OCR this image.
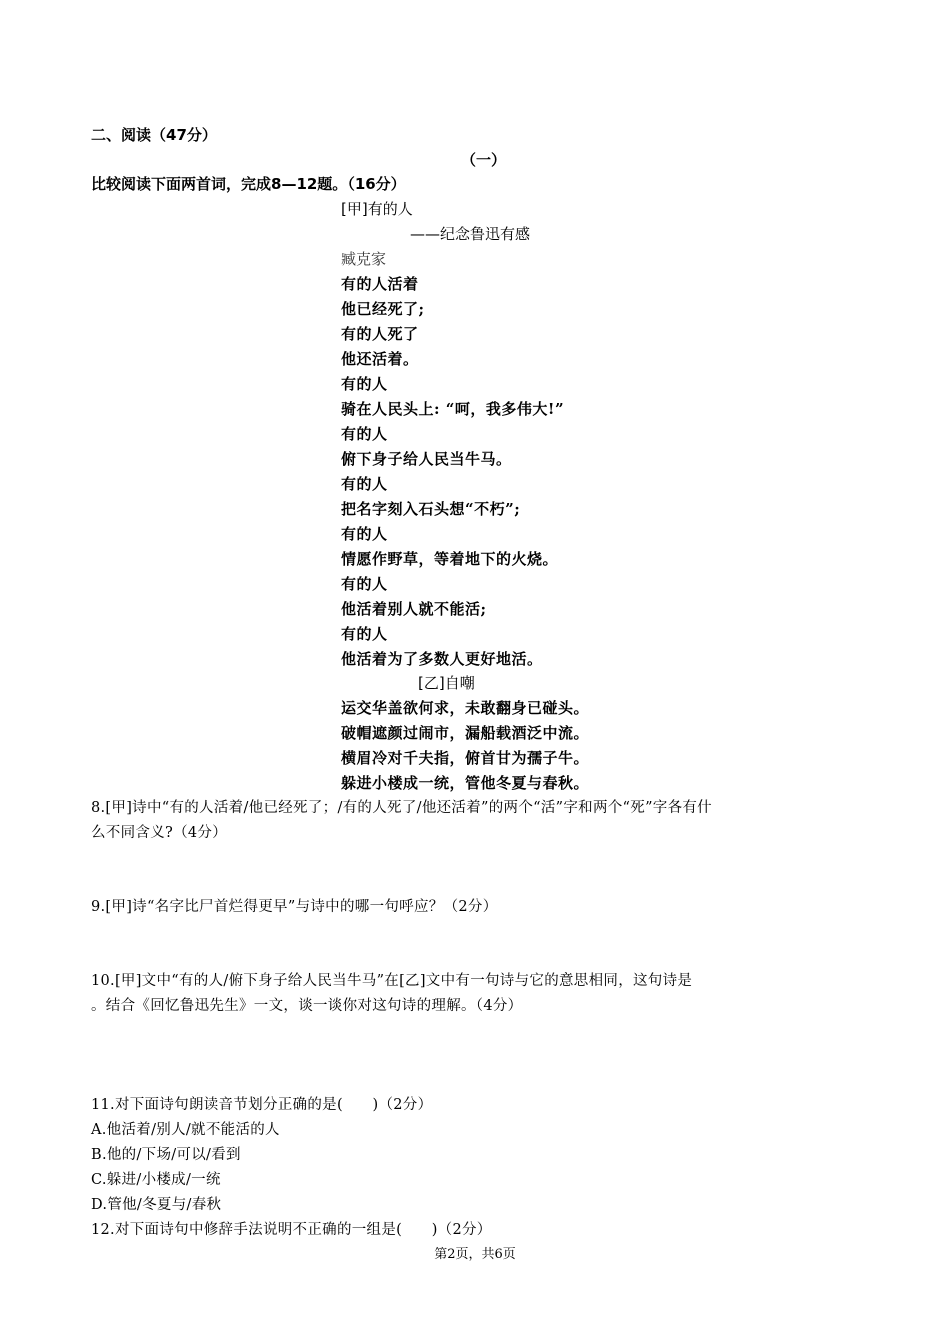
二、阅读（47分）
（一）
比较阅读下面两首词，完成8—12题。（16分）
[甲]有的人
——纪念鲁迅有感
臧克家
有的人活着
他已经死了;
有的人死了
他还活着。
有的人
骑在人民头上: “呵，我多伟大!”
有的人
俯下身子给人民当牛马。
有的人
把名字刻入石头想“不朽”;
有的人
情愿作野草，等着地下的火烧。
有的人
他活着别人就不能活;
有的人
他活着为了多数人更好地活。
[乙]自嘲
运交华盖欲何求，未敢翻身已碰头。
破帽遮颜过闹市，漏船载酒泛中流。
横眉冷对千夫指，俯首甘为孺子牛。
躲进小楼成一统，管他冬夏与春秋。
8.[甲]诗中“有的人活着/他已经死了；/有的人死了/他还活着”的两个“活”字和两个“死”字各有什
么不同含义?（4分）
9.[甲]诗“名字比尸首烂得更早”与诗中的哪一句呼应？（2分）
10.[甲]文中“有的人/俯下身子给人民当牛马”在[乙]文中有一句诗与它的意思相同，这句诗是
。结合《回忆鲁迅先生》一文，谈一谈你对这句诗的理解。（4分）
11.对下面诗句朗读音节划分正确的是(　　)（2分）
A.他活着/别人/就不能活的人
B.他的/下场/可以/看到
C.躲进/小楼成/一统
D.管他/冬夏与/春秋
12.对下面诗句中修辞手法说明不正确的一组是(　　)（2分）
第2页，共6页
